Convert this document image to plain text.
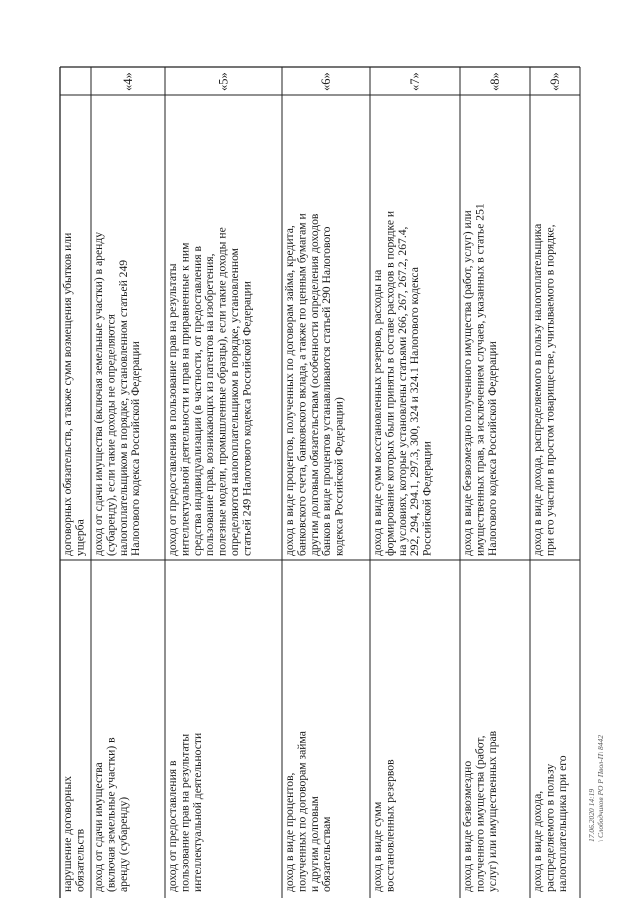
договорных обязательств, а также сумм возмещения убытков или ущерба
нарушение договорных обязательств
«4»
доход от сдачи имущества (включая земельные участки) в аренду (субаренду), если такие доходы не определяются налогоплательщиком в порядке, установленном статьей 249 Налогового кодекса Российской Федерации
доход от сдачи имущества (включая земельные участки) в аренду (субаренду)
«5»
доход от предоставления в пользование прав на результаты интеллектуальной деятельности и прав на приравненные к ним средства индивидуализации (в частности, от предоставления в пользование прав, возникающих из патентов на изобретения, полезные модели, промышленные образцы), если такие доходы не определяются налогоплательщиком в порядке, установленном статьей 249 Налогового кодекса Российской Федерации
доход от предоставления в пользование прав на результаты интеллектуальной деятельности
«6»
доход в виде процентов, полученных по договорам займа, кредита, банковского счета, банковского вклада, а также по ценным бумагам и другим долговым обязательствам (особенности определения доходов банков в виде процентов устанавливаются статьей 290 Налогового кодекса Российской Федерации)
доход в виде процентов, полученных по договорам займа и другим долговым обязательствам
«7»
доход в виде сумм восстановленных резервов, расходы на формирование которых были приняты в составе расходов в порядке и на условиях, которые установлены статьями 266, 267, 267.2, 267.4, 292, 294, 294.1, 297.3, 300, 324 и 324.1 Налогового кодекса Российской Федерации
доход в виде сумм восстановленных резервов
«8»
доход в виде безвозмездно полученного имущества (работ, услуг) или имущественных прав, за исключением случаев, указанных в статье 251 Налогового кодекса Российской Федерации
доход в виде безвозмездно полученного имущества (работ, услуг) или имущественных прав
«9»
доход в виде дохода, распределяемого в пользу налогоплательщика при его участии в простом товариществе, учитываемого в порядке,
доход в виде дохода, распределяемого в пользу налогоплательщика при его 17.06.2020 14:19 \ Слободчиков РО Р Пвол-П\ 8442
